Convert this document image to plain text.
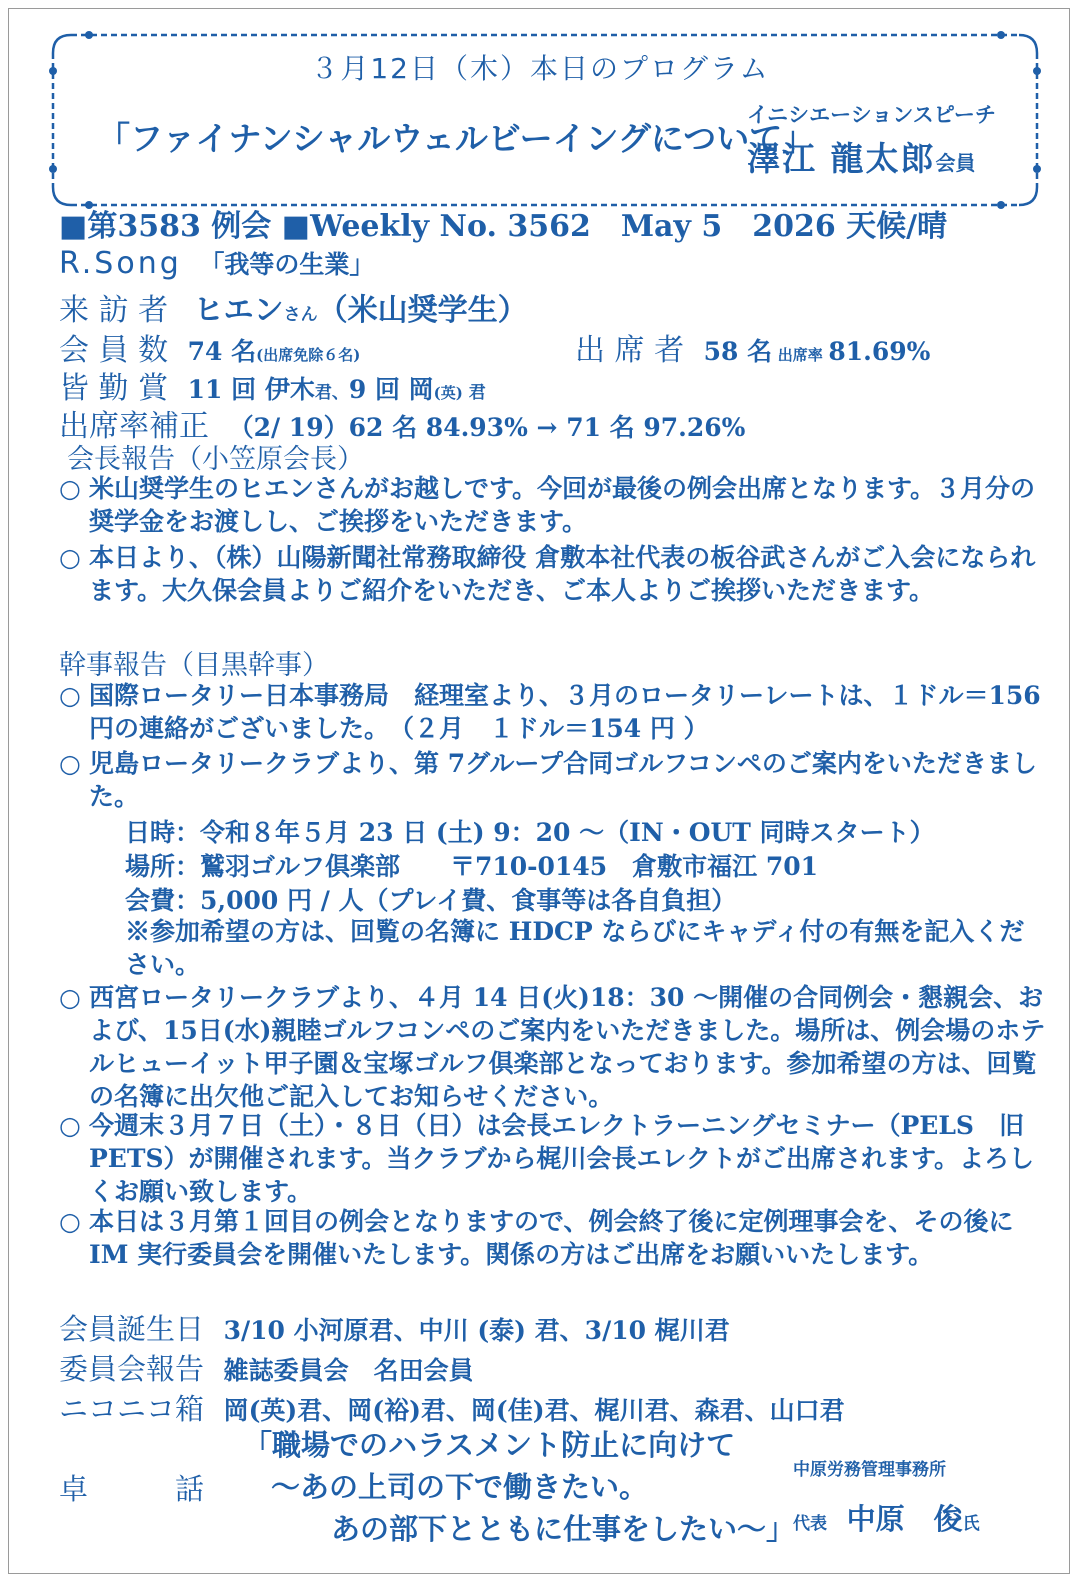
３月12日（木）本日のプログラム
「ファイナンシャルウェルビーイングについて」
イニシエーションスピーチ
澤江 龍太郎会員
■第3583 例会 ■Weekly No. 3562　May 5　2026 天候/晴
R.Song 「我等の生業」
来 訪 者 ヒエンさん（米山奨学生）
会 員 数 74 名(出席免除６名)	出 席 者 58 名 出席率 81.69%
皆 勤 賞 11 回 伊木君、9 回 岡(英) 君
出席率補正 （2/ 19）62 名 84.93% → 71 名 97.26%
会長報告（小笠原会長）
○ 米山奨学生のヒエンさんがお越しです。今回が最後の例会出席となります。３月分の奨学金をお渡しし、ご挨拶をいただきます。
○ 本日より、（株）山陽新聞社常務取締役 倉敷本社代表の板谷武さんがご入会になられます。大久保会員よりご紹介をいただき、ご本人よりご挨拶いただきます。
幹事報告（目黒幹事）
○ 国際ロータリー日本事務局　経理室より、３月のロータリーレートは、１ドル＝156 円の連絡がございました。　（２月　１ドル＝154 円 ）
○ 児島ロータリークラブより、第 7グループ合同ゴルフコンペのご案内をいただきました。
日時：令和８年５月 23 日 (土) 9：20 ～（IN・OUT 同時スタート）
場所：鷲羽ゴルフ倶楽部　　〒710-0145　倉敷市福江 701
会費：5,000 円 / 人（プレイ費、食事等は各自負担）
※参加希望の方は、回覧の名簿に HDCP ならびにキャディ付の有無を記入ください。
○ 西宮ロータリークラブより、４月 14 日(火)18：30 ～開催の合同例会・懇親会、および、15日(水)親睦ゴルフコンペのご案内をいただきました。場所は、例会場のホテルヒューイット甲子園＆宝塚ゴルフ倶楽部となっております。参加希望の方は、回覧の名簿に出欠他ご記入してお知らせください。
○ 今週末３月７日（土）・８日（日）は会長エレクトラーニングセミナー（PELS　旧 PETS）が開催されます。当クラブから梶川会長エレクトがご出席されます。よろしくお願い致します。
○ 本日は３月第１回目の例会となりますので、例会終了後に定例理事会を、その後に IM 実行委員会を開催いたします。関係の方はご出席をお願いいたします。
会員誕生日 3/10 小河原君、中川 (泰) 君、3/10 梶川君
委員会報告 雑誌委員会　名田会員
ニコニコ箱 岡(英)君、岡(裕)君、岡(佳)君、梶川君、森君、山口君
卓　　　話
「職場でのハラスメント防止に向けて
～あの上司の下で働きたい。
あの部下とともに仕事をしたい～」
中原労務管理事務所
代表 中原　俊氏
